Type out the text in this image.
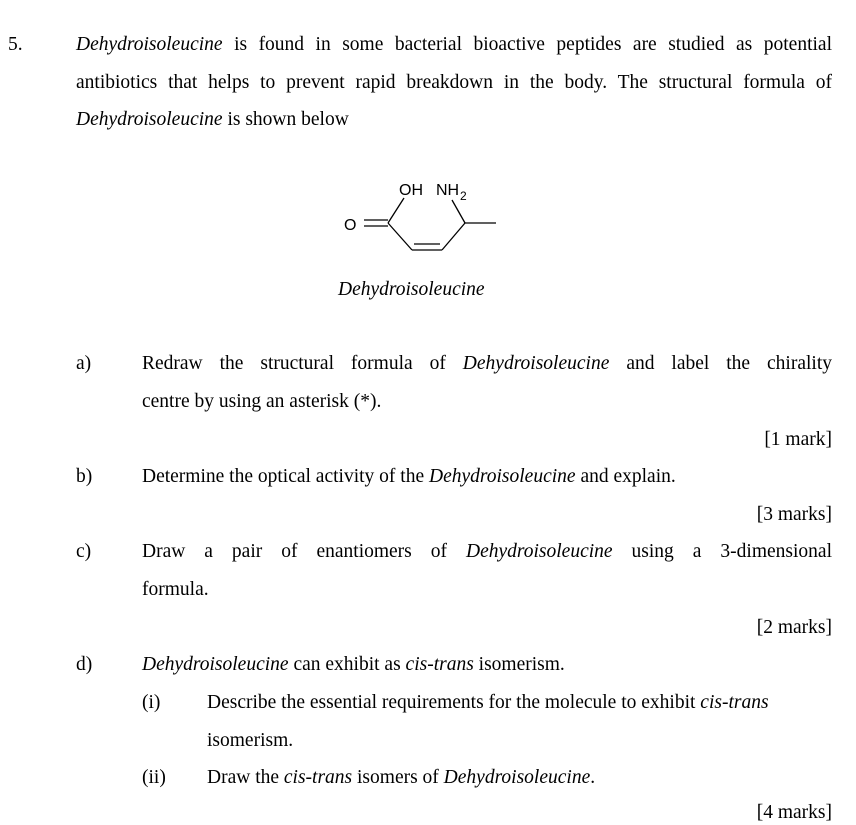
5.	Dehydroisoleucine is found in some bacterial bioactive peptides are studied as potential
antibiotics that helps to prevent rapid breakdown in the body. The structural formula of
Dehydroisoleucine is shown below
O
OH NH 2
Dehydroisoleucine
a)	Redraw the structural formula of Dehydroisoleucine and label the chirality
centre by using an asterisk (*).
[1 mark]
b)	Determine the optical activity of the Dehydroisoleucine and explain.
[3 marks]
c)	Draw a pair of enantiomers of Dehydroisoleucine using a 3-dimensional
formula.
[2 marks]
d)	Dehydroisoleucine can exhibit as cis-trans isomerism.
(i) Describe the essential requirements for the molecule to exhibit cis-trans
isomerism.
(ii) Draw the cis-trans isomers of Dehydroisoleucine.
[4 marks]
